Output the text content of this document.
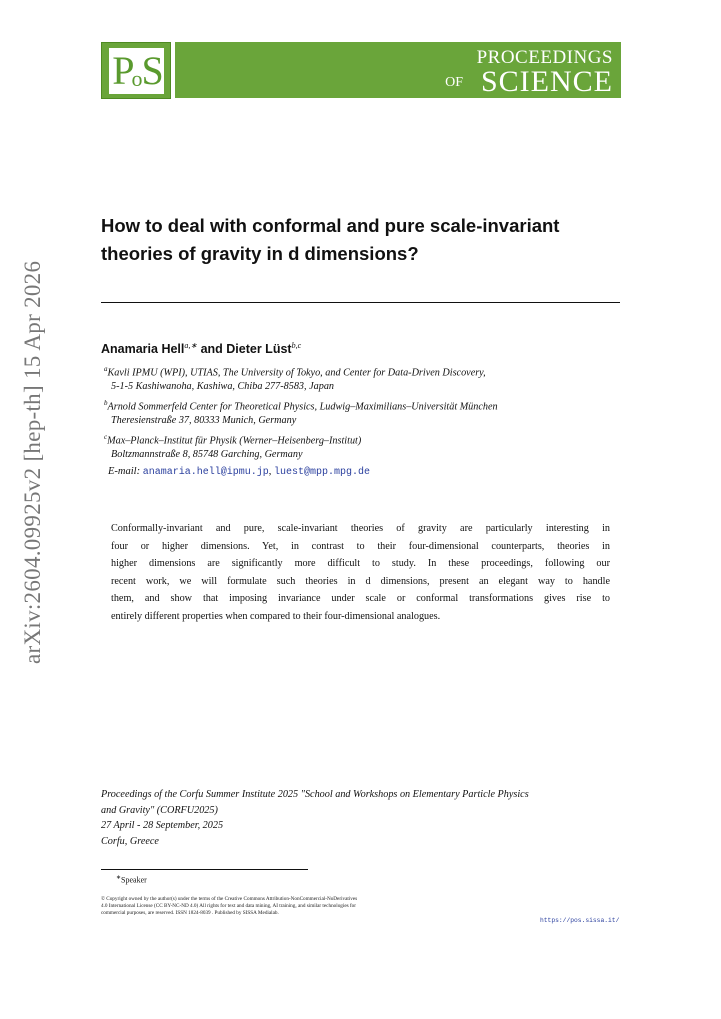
PoS	PROCEEDINGS
OF SCIENCE
arXiv:2604.09925v2 [hep-th] 15 Apr 2026
How to deal with conformal and pure scale-invariant
theories of gravity in d dimensions?
Anamaria Hell$^{a,∗}$ and Dieter Lüst$^{b,c}$
$^a$Kavli IPMU (WPI), UTIAS, The University of Tokyo, and Center for Data-Driven Discovery,
5-1-5 Kashiwanoha, Kashiwa, Chiba 277-8583, Japan
$^b$Arnold Sommerfeld Center for Theoretical Physics, Ludwig–Maximilians–Universität München
Theresienstraße 37, 80333 Munich, Germany
$^c$Max–Planck–Institut für Physik (Werner–Heisenberg–Institut)
Boltzmannstraße 8, 85748 Garching, Germany
E-mail: anamaria.hell@ipmu.jp, luest@mpp.mpg.de
Conformally-invariant and pure, scale-invariant theories of gravity are particularly interesting in
four or higher dimensions. Yet, in contrast to their four-dimensional counterparts, theories in
higher dimensions are significantly more difficult to study. In these proceedings, following our
recent work, we will formulate such theories in d dimensions, present an elegant way to handle
them, and show that imposing invariance under scale or conformal transformations gives rise to
entirely different properties when compared to their four-dimensional analogues.
Proceedings of the Corfu Summer Institute 2025 "School and Workshops on Elementary Particle Physics
and Gravity" (CORFU2025)
27 April - 28 September, 2025
Corfu, Greece
∗Speaker
© Copyright owned by the author(s) under the terms of the Creative Commons Attribution-NonCommercial-NoDerivatives
4.0 International License (CC BY-NC-ND 4.0) All rights for text and data mining, AI training, and similar technologies for
commercial purposes, are reserved. ISSN 1824-8039 . Published by SISSA Medialab.
https://pos.sissa.it/
